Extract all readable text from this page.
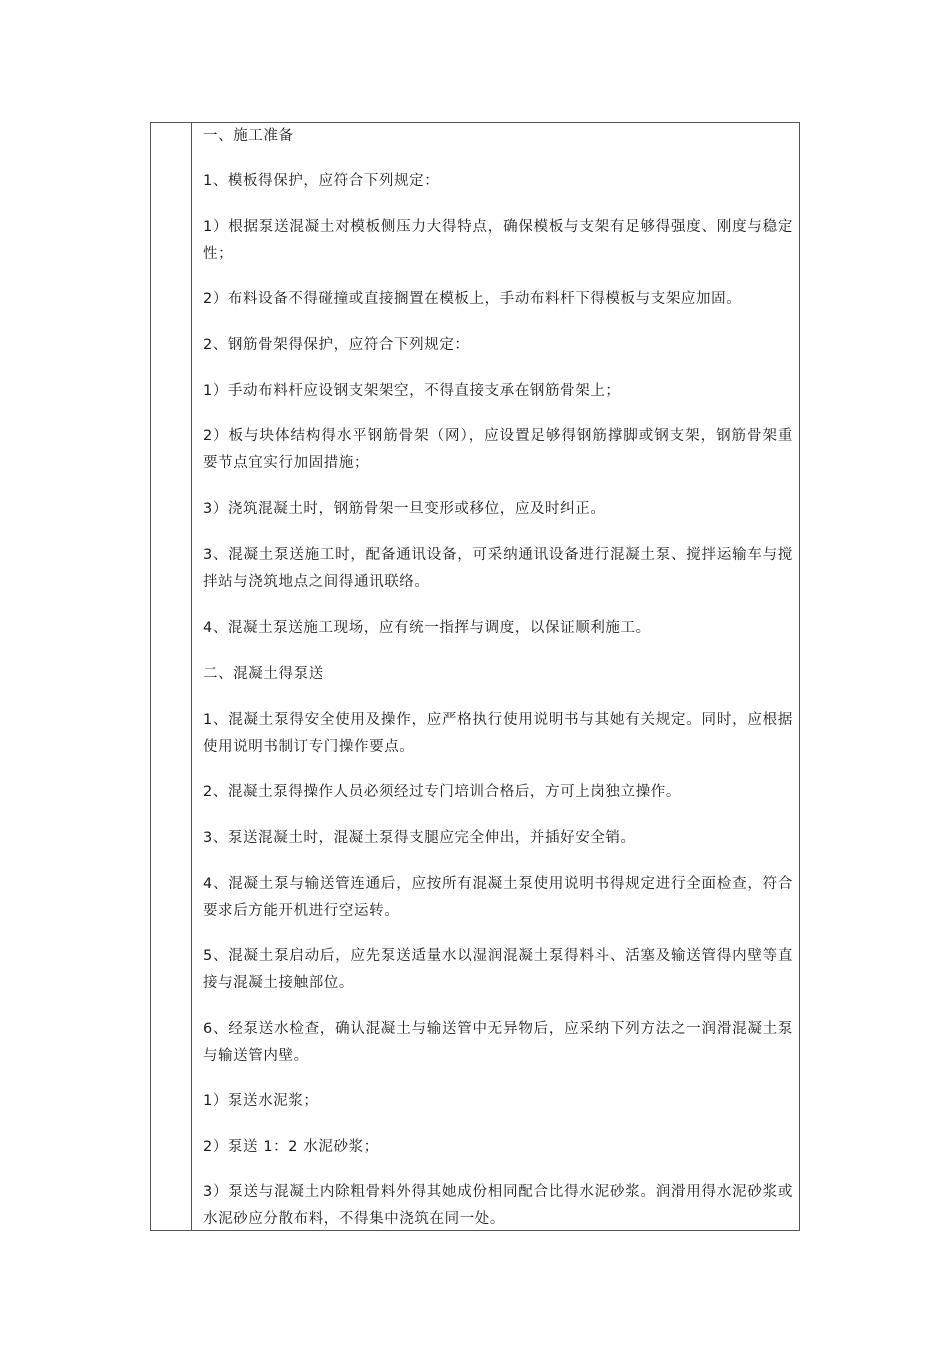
一、施工准备

1、模板得保护，应符合下列规定：

1）根据泵送混凝土对模板侧压力大得特点，确保模板与支架有足够得强度、刚度与稳定性；

2）布料设备不得碰撞或直接搁置在模板上，手动布料杆下得模板与支架应加固。

2、钢筋骨架得保护，应符合下列规定：

1）手动布料杆应设钢支架架空，不得直接支承在钢筋骨架上；

2）板与块体结构得水平钢筋骨架（网），应设置足够得钢筋撑脚或钢支架，钢筋骨架重要节点宜实行加固措施；

3）浇筑混凝土时，钢筋骨架一旦变形或移位，应及时纠正。

3、混凝土泵送施工时，配备通讯设备，可采纳通讯设备进行混凝土泵、搅拌运输车与搅拌站与浇筑地点之间得通讯联络。

4、混凝土泵送施工现场，应有统一指挥与调度，以保证顺利施工。

二、混凝土得泵送

1、混凝土泵得安全使用及操作，应严格执行使用说明书与其她有关规定。同时，应根据使用说明书制订专门操作要点。

2、混凝土泵得操作人员必须经过专门培训合格后，方可上岗独立操作。

3、泵送混凝土时，混凝土泵得支腿应完全伸出，并插好安全销。

4、混凝土泵与输送管连通后，应按所有混凝土泵使用说明书得规定进行全面检查，符合要求后方能开机进行空运转。

5、混凝土泵启动后，应先泵送适量水以湿润混凝土泵得料斗、活塞及输送管得内壁等直 接与混凝土接触部位。

6、经泵送水检查，确认混凝土与输送管中无异物后，应采纳下列方法之一润滑混凝土泵与输送管内壁。

1）泵送水泥浆；

2）泵送 1：2 水泥砂浆；

3）泵送与混凝土内除粗骨料外得其她成份相同配合比得水泥砂浆。润滑用得水泥砂浆或水泥砂应分散布料，不得集中浇筑在同一处。
